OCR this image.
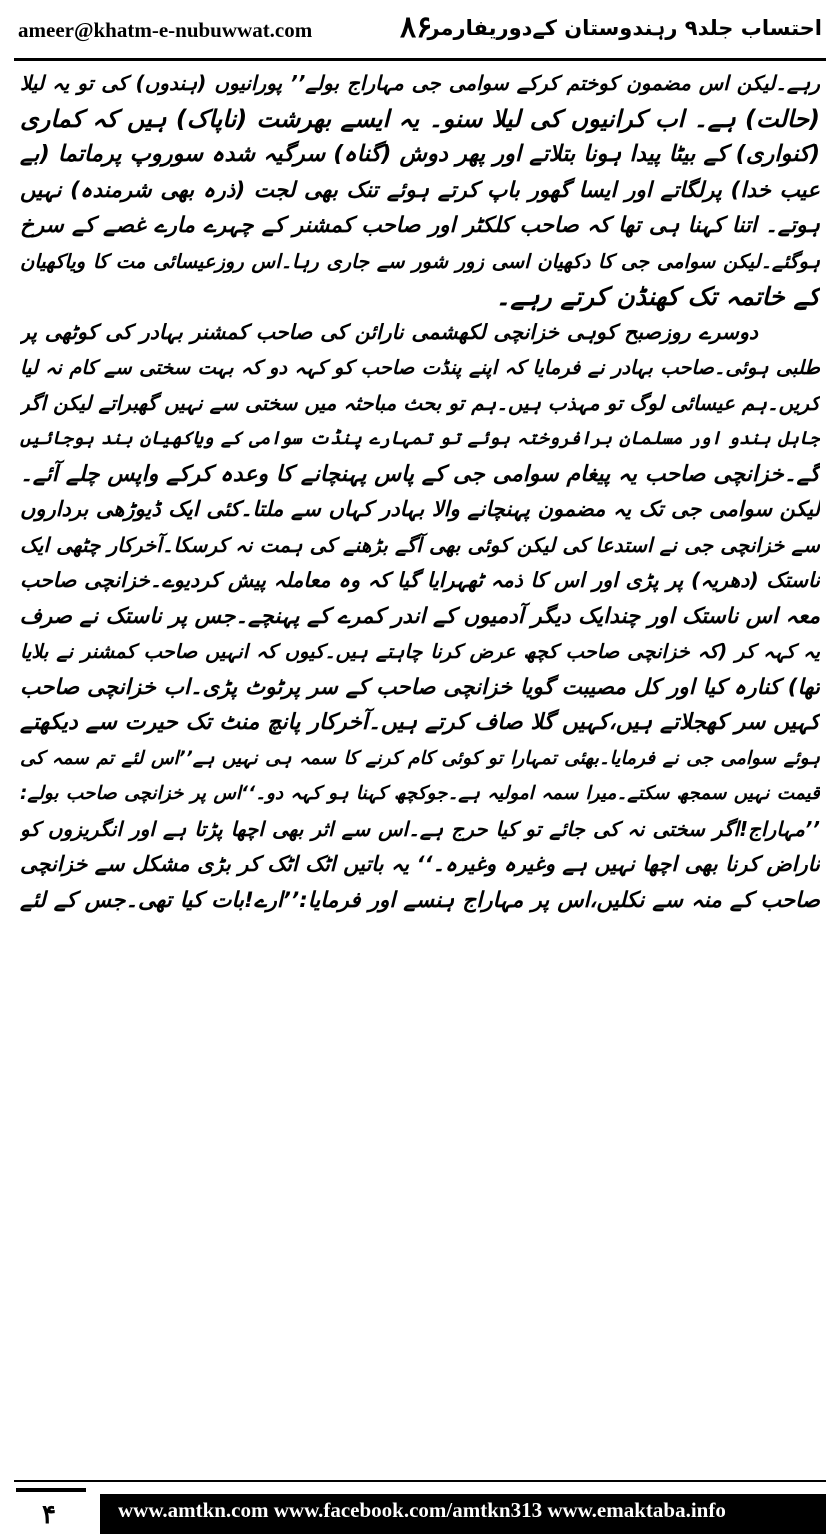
ameer@khatm-e-nubuwwat.com	۸۶
احتساب جلد۹ رہندوستان کےدوریفارمر
رہے۔لیکن اس مضمون کوختم کرکے سوامی جی مہاراج بولے’’ پورانیوں (ہندوں) کی تو یہ لیلا
(حالت) ہے۔ اب کرانیوں کی لیلا سنو۔ یہ ایسے بھرشت (ناپاک) ہیں کہ کماری
(کنواری) کے بیٹا پیدا ہونا بتلاتے اور پھر دوش (گناہ) سرگیہ شدہ سوروپ پرماتما (بے
عیب خدا) پرلگاتے اور ایسا گھور باپ کرتے ہوئے تنک بھی لجت (ذرہ بھی شرمندہ) نہیں
ہوتے۔ اتنا کہنا ہی تھا کہ صاحب کلکٹر اور صاحب کمشنر کے چہرے مارے غصے کے سرخ
ہوگئے۔لیکن سوامی جی کا دکھیان اسی زور شور سے جاری رہا۔اس روزعیسائی مت کا ویاکھیان
کے خاتمہ تک کھنڈن کرتے رہے۔
دوسرے روزصبح کوہی خزانچی لکھشمی نارائن کی صاحب کمشنر بہادر کی کوٹھی پر
طلبی ہوئی۔صاحب بہادر نے فرمایا کہ اپنے پنڈت صاحب کو کہہ دو کہ بہت سختی سے کام نہ لیا
کریں۔ہم عیسائی لوگ تو مہذب ہیں۔ہم تو بحث مباحثہ میں سختی سے نہیں گھبراتے لیکن اگر
جاہل ہندو اور مسلمان برافروختہ ہوئے تو تمہارے پنڈت سوامی کے ویاکھیان بند ہوجائیں
گے۔خزانچی صاحب یہ پیغام سوامی جی کے پاس پہنچانے کا وعدہ کرکے واپس چلے آئے۔
لیکن سوامی جی تک یہ مضمون پہنچانے والا بہادر کہاں سے ملتا۔کئی ایک ڈیوڑھی برداروں
سے خزانچی جی نے استدعا کی لیکن کوئی بھی آگے بڑھنے کی ہمت نہ کرسکا۔آخرکار چٹھی ایک
ناستک (دھریہ) پر پڑی اور اس کا ذمہ ٹھہرایا گیا کہ وہ معاملہ پیش کردیوے۔خزانچی صاحب
معہ اس ناستک اور چندایک دیگر آدمیوں کے اندر کمرے کے پہنچے۔جس پر ناستک نے صرف
یہ کہہ کر (کہ خزانچی صاحب کچھ عرض کرنا چاہتے ہیں۔کیوں کہ انہیں صاحب کمشنر نے بلایا
تھا) کنارہ کیا اور کل مصیبت گویا خزانچی صاحب کے سر پرٹوٹ پڑی۔اب خزانچی صاحب
کہیں سر کھجلاتے ہیں،کہیں گلا صاف کرتے ہیں۔آخرکار پانچ منٹ تک حیرت سے دیکھتے
ہوئے سوامی جی نے فرمایا۔بھئی تمہارا تو کوئی کام کرنے کا سمہ ہی نہیں ہے’’اس لئے تم سمہ کی
قیمت نہیں سمجھ سکتے۔میرا سمہ امولیہ ہے۔جوکچھ کہنا ہو کہہ دو۔‘‘اس پر خزانچی صاحب بولے:
’’مہاراج!اگر سختی نہ کی جائے تو کیا حرج ہے۔اس سے اثر بھی اچھا پڑتا ہے اور انگریزوں کو
ناراض کرنا بھی اچھا نہیں ہے وغیرہ وغیرہ۔‘‘ یہ باتیں اٹک اٹک کر بڑی مشکل سے خزانچی
صاحب کے منہ سے نکلیں،اس پر مہاراج ہنسے اور فرمایا:’’ارے!بات کیا تھی۔جس کے لئے
۴	www.amtkn.com www.facebook.com/amtkn313 www.emaktaba.info
